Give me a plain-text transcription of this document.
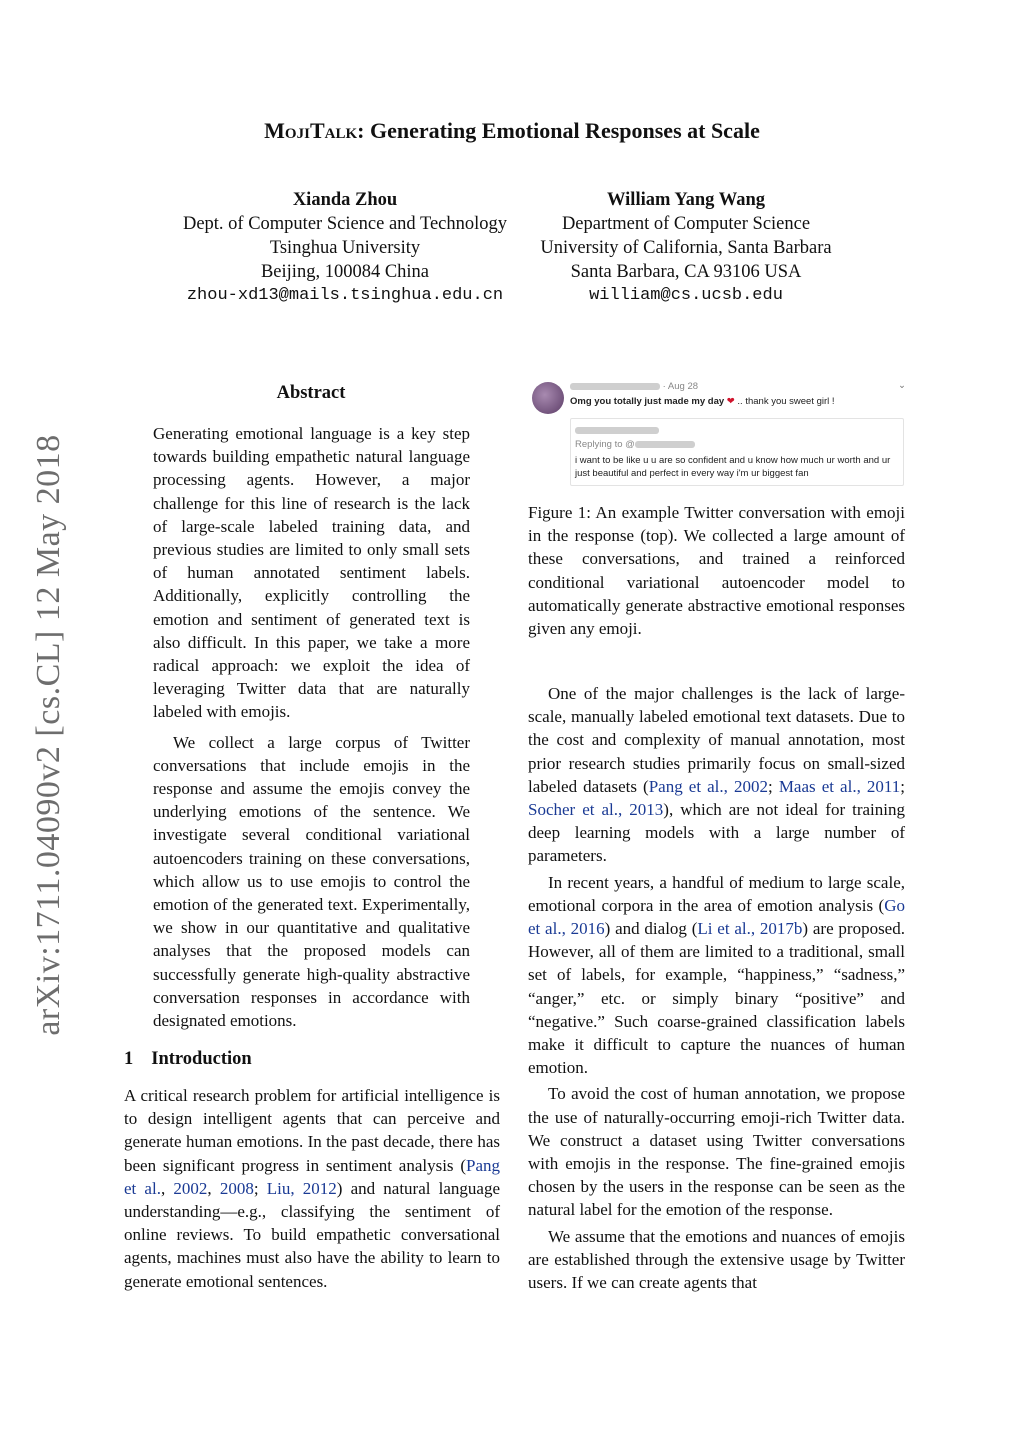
arXiv:1711.04090v2 [cs.CL] 12 May 2018
MojiTalk: Generating Emotional Responses at Scale
Xianda Zhou
Dept. of Computer Science and Technology
Tsinghua University
Beijing, 100084 China
zhou-xd13@mails.tsinghua.edu.cn
William Yang Wang
Department of Computer Science
University of California, Santa Barbara
Santa Barbara, CA 93106 USA
william@cs.ucsb.edu
Abstract

Generating emotional language is a key step towards building empathetic natural language processing agents. However, a major challenge for this line of research is the lack of large-scale labeled training data, and previous studies are limited to only small sets of human annotated sentiment labels. Additionally, explicitly controlling the emotion and sentiment of generated text is also difficult. In this paper, we take a more radical approach: we exploit the idea of leveraging Twitter data that are naturally labeled with emojis.

We collect a large corpus of Twitter conversations that include emojis in the response and assume the emojis convey the underlying emotions of the sentence. We investigate several conditional variational autoencoders training on these conversations, which allow us to use emojis to control the emotion of the generated text. Experimentally, we show in our quantitative and qualitative analyses that the proposed models can successfully generate high-quality abstractive conversation responses in accordance with designated emotions.

1 Introduction

A critical research problem for artificial intelligence is to design intelligent agents that can perceive and generate human emotions. In the past decade, there has been significant progress in sentiment analysis (Pang et al., 2002, 2008; Liu, 2012) and natural language understanding—e.g., classifying the sentiment of online reviews. To build empathetic conversational agents, machines must also have the ability to learn to generate emotional sentences.

· Aug 28	⌄
Omg you totally just made my day ❤ .. thank you sweet girl !
Replying to @
i want to be like u u are so confident and u know how much ur worth and ur
just beautiful and perfect in every way i'm ur biggest fan

Figure 1: An example Twitter conversation with emoji in the response (top). We collected a large amount of these conversations, and trained a reinforced conditional variational autoencoder model to automatically generate abstractive emotional responses given any emoji.

One of the major challenges is the lack of large-scale, manually labeled emotional text datasets. Due to the cost and complexity of manual annotation, most prior research studies primarily focus on small-sized labeled datasets (Pang et al., 2002; Maas et al., 2011; Socher et al., 2013), which are not ideal for training deep learning models with a large number of parameters.

In recent years, a handful of medium to large scale, emotional corpora in the area of emotion analysis (Go et al., 2016) and dialog (Li et al., 2017b) are proposed. However, all of them are limited to a traditional, small set of labels, for example, “happiness,” “sadness,” “anger,” etc. or simply binary “positive” and “negative.” Such coarse-grained classification labels make it difficult to capture the nuances of human emotion.

To avoid the cost of human annotation, we propose the use of naturally-occurring emoji-rich Twitter data. We construct a dataset using Twitter conversations with emojis in the response. The fine-grained emojis chosen by the users in the response can be seen as the natural label for the emotion of the response.

We assume that the emotions and nuances of emojis are established through the extensive usage by Twitter users. If we can create agents that
